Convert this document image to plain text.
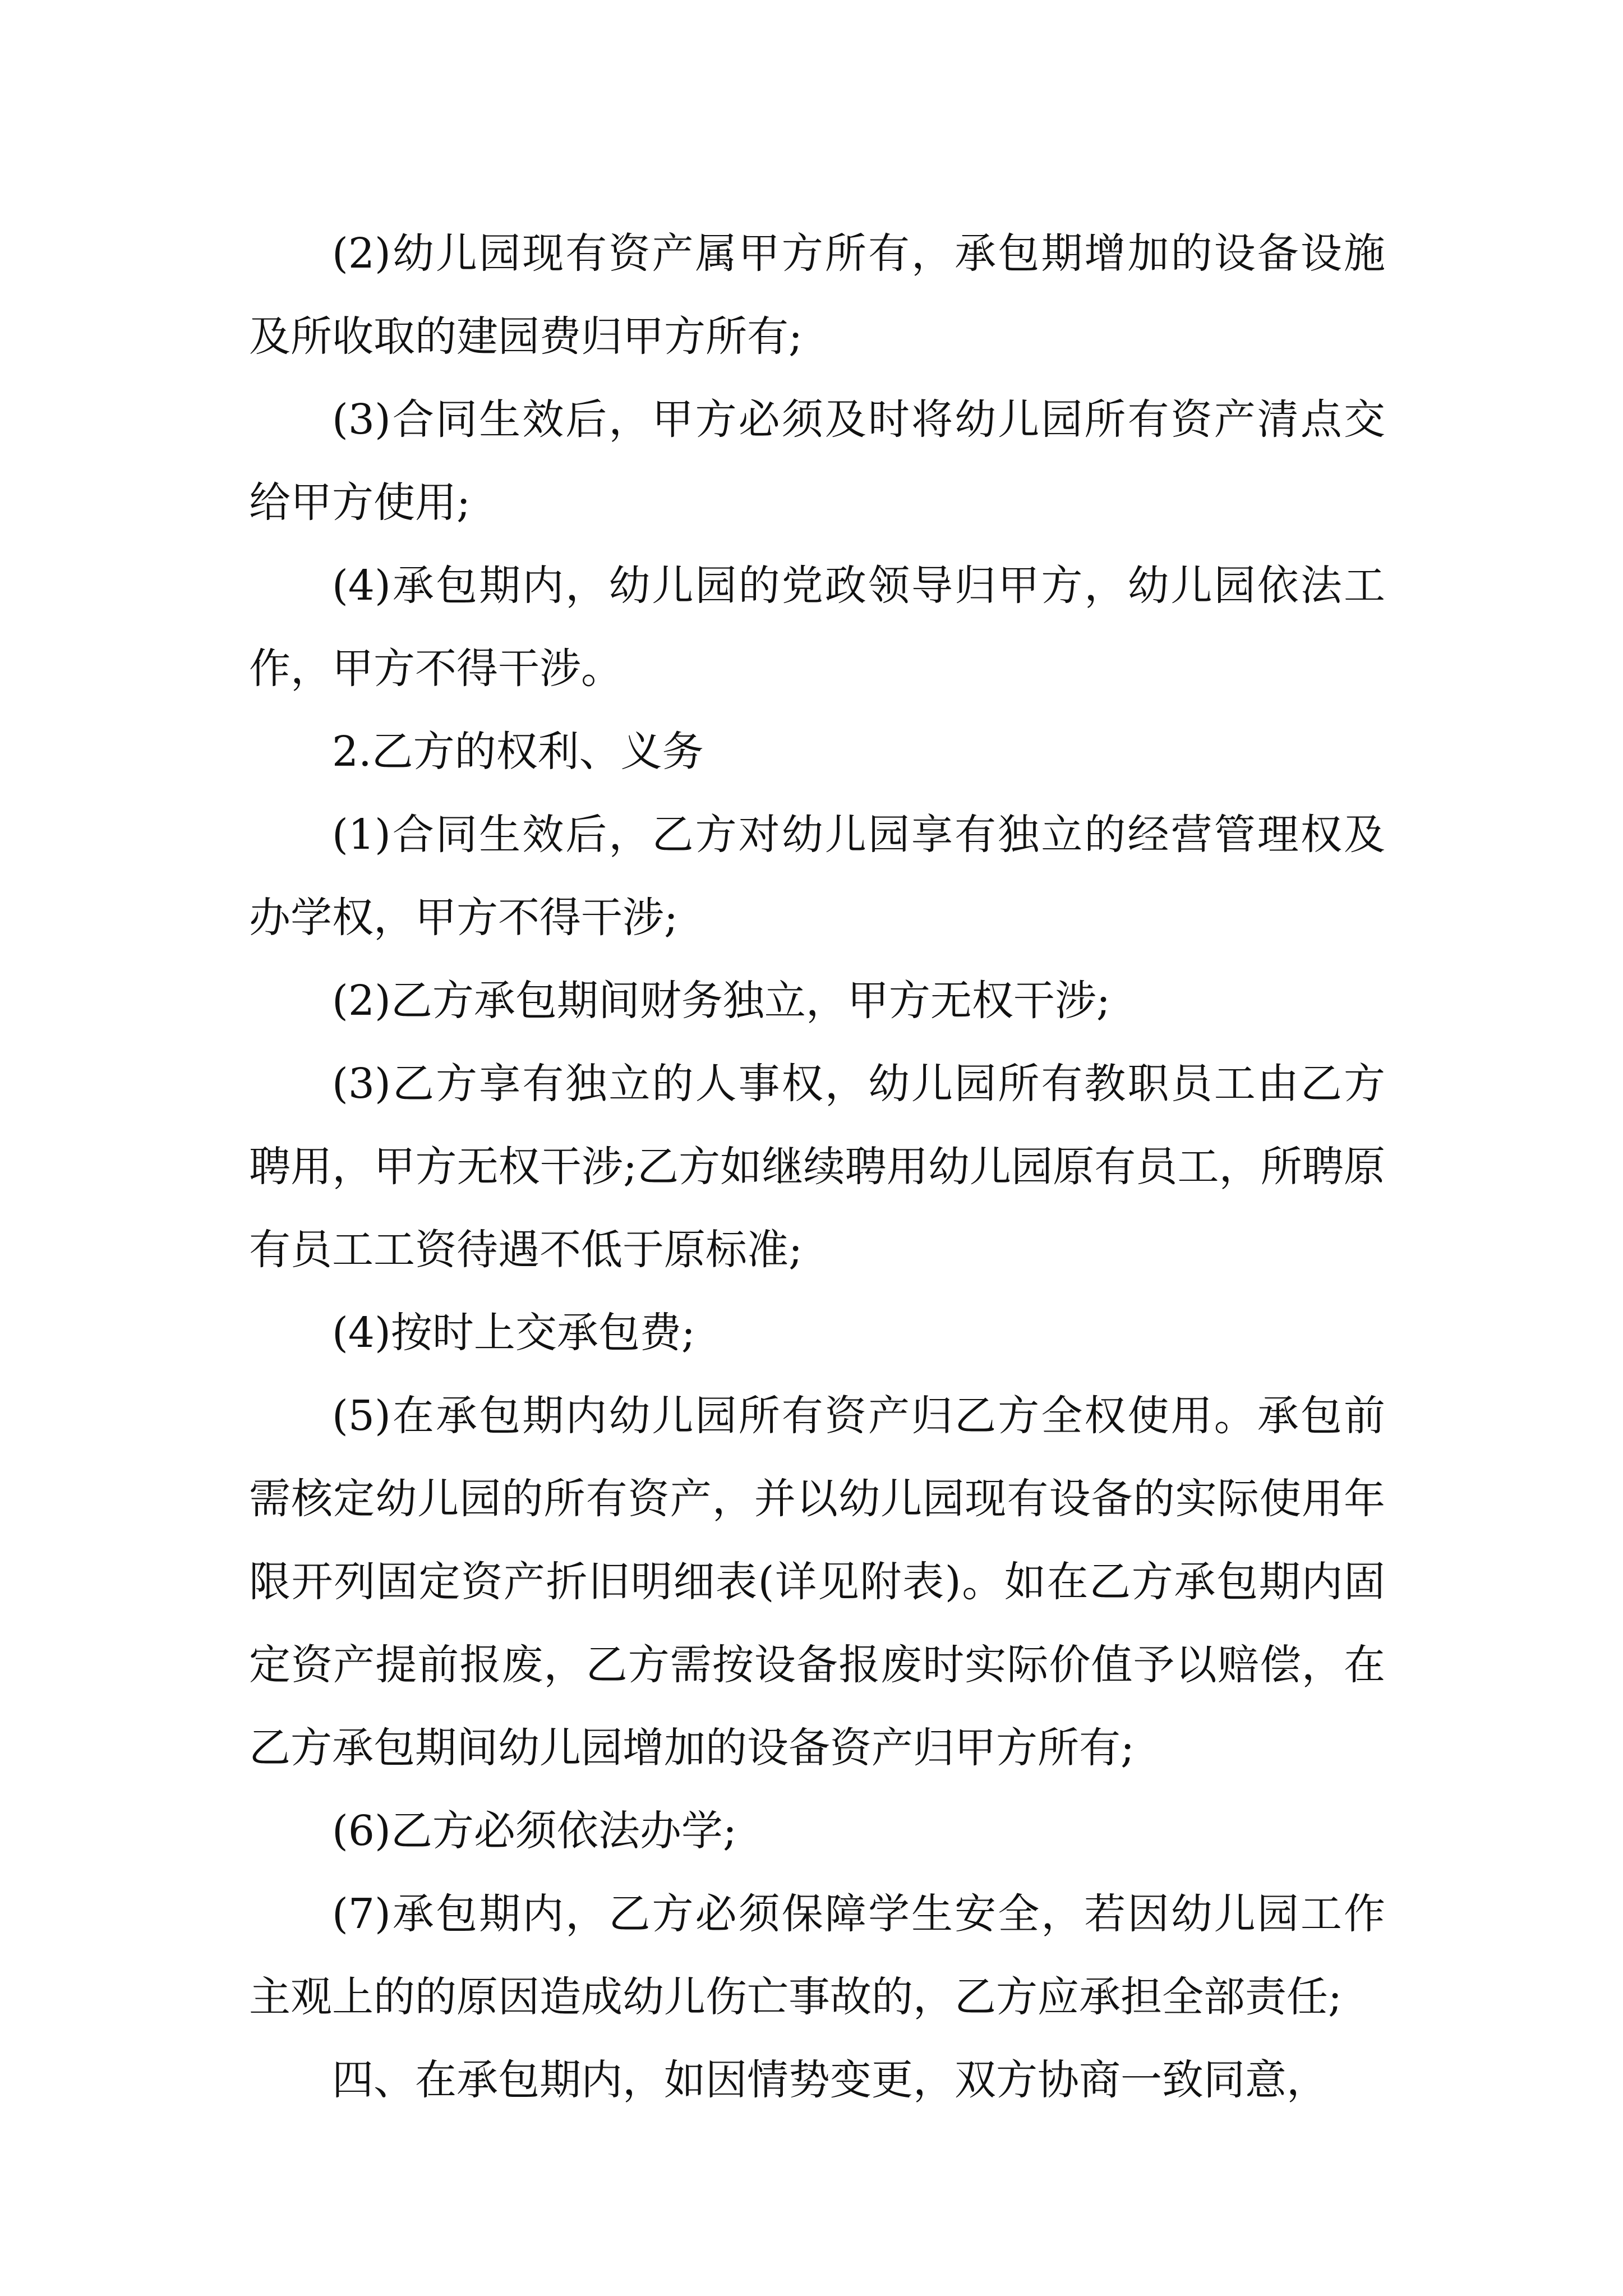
(2)幼儿园现有资产属甲方所有，承包期增加的设备设施及所收取的建园费归甲方所有;

(3)合同生效后，甲方必须及时将幼儿园所有资产清点交给甲方使用;

(4)承包期内，幼儿园的党政领导归甲方，幼儿园依法工作，甲方不得干涉。

2.乙方的权利、义务

(1)合同生效后，乙方对幼儿园享有独立的经营管理权及办学权，甲方不得干涉;

(2)乙方承包期间财务独立，甲方无权干涉;

(3)乙方享有独立的人事权，幼儿园所有教职员工由乙方聘用，甲方无权干涉;乙方如继续聘用幼儿园原有员工，所聘原有员工工资待遇不低于原标准;

(4)按时上交承包费;

(5)在承包期内幼儿园所有资产归乙方全权使用。承包前需核定幼儿园的所有资产，并以幼儿园现有设备的实际使用年限开列固定资产折旧明细表(详见附表)。如在乙方承包期内固定资产提前报废，乙方需按设备报废时实际价值予以赔偿，在乙方承包期间幼儿园增加的设备资产归甲方所有;

(6)乙方必须依法办学;

(7)承包期内，乙方必须保障学生安全，若因幼儿园工作主观上的的原因造成幼儿伤亡事故的，乙方应承担全部责任;

四、在承包期内，如因情势变更，双方协商一致同意，
